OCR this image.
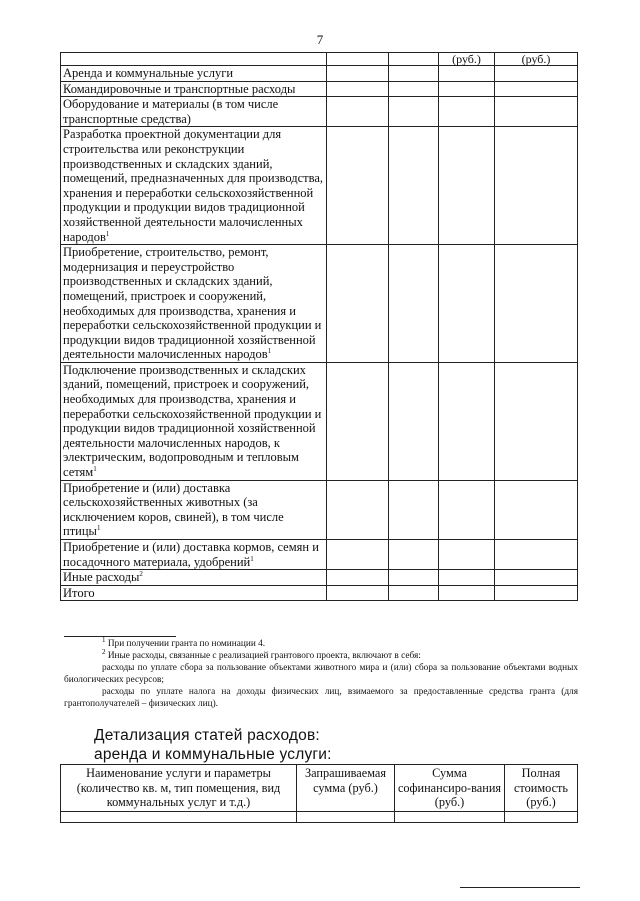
7
			(руб.)	(руб.)
Аренда и коммунальные услуги				
Командировочные и транспортные расходы				
Оборудование и материалы (в том числе транспортные средства)				
Разработка проектной документации для строительства или реконструкции производственных и складских зданий, помещений, предназначенных для производства, хранения и переработки сельскохозяйственной продукции и продукции видов традиционной хозяйственной деятельности малочисленных народов$^1$				
Приобретение, строительство, ремонт, модернизация и переустройство производственных и складских зданий, помещений, пристроек и сооружений, необходимых для производства, хранения и переработки сельскохозяйственной продукции и продукции видов традиционной хозяйственной деятельности малочисленных народов$^1$				
Подключение производственных и складских зданий, помещений, пристроек и сооружений, необходимых для производства, хранения и переработки сельскохозяйственной продукции и продукции видов традиционной хозяйственной деятельности малочисленных народов, к электрическим, водопроводным и тепловым сетям$^1$				
Приобретение и (или) доставка сельскохозяйственных животных (за исключением коров, свиней), в том числе птицы$^1$				
Приобретение и (или) доставка кормов, семян и посадочного материала, удобрений$^1$				
Иные расходы$^2$				
Итого				

$^1$ При получении гранта по номинации 4.

$^2$ Иные расходы, связанные с реализацией грантового проекта, включают в себя:

расходы по уплате сбора за пользование объектами животного мира и (или) сбора за пользование объектами водных биологических ресурсов;

расходы по уплате налога на доходы физических лиц, взимаемого за предоставленные средства гранта (для грантополучателей – физических лиц).

Детализация статей расходов:
аренда и коммунальные услуги:
Наименование услуги и параметры (количество кв. м, тип помещения, вид коммунальных услуг и т.д.)	Запрашиваемая сумма (руб.)	Сумма софинансиро-вания (руб.)	Полная стоимость (руб.)
